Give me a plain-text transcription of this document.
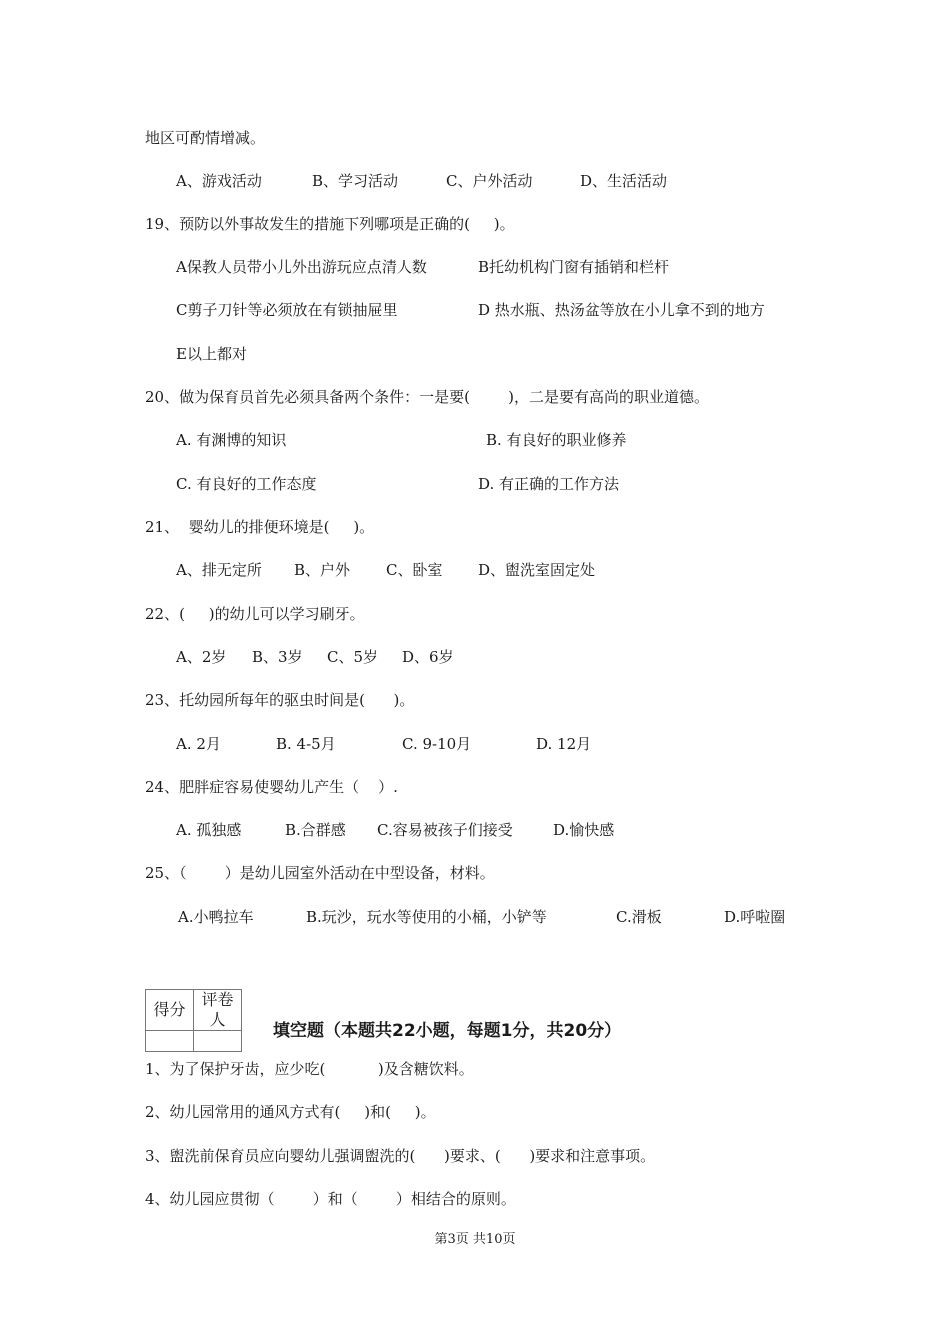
地区可酌情增减。
A、游戏活动	B、学习活动	C、户外活动	D、生活活动
19、预防以外事故发生的措施下列哪项是正确的(     )。
A保教人员带小儿外出游玩应点清人数	B托幼机构门窗有插销和栏杆
C剪子刀针等必须放在有锁抽屉里	D 热水瓶、热汤盆等放在小儿拿不到的地方
E以上都对
20、做为保育员首先必须具备两个条件：一是要(        )，二是要有高尚的职业道德。
A. 有渊博的知识	B. 有良好的职业修养
C. 有良好的工作态度	D. 有正确的工作方法
21、  婴幼儿的排便环境是(     )。
A、排无定所 B、户外 C、卧室 D、盥洗室固定处
22、(     )的幼儿可以学习刷牙。
A、2岁 B、3岁 C、5岁 D、6岁
23、托幼园所每年的驱虫时间是(      )。
A. 2月	B. 4-5月	C. 9-10月	D. 12月
24、肥胖症容易使婴幼儿产生（    ）.
A. 孤独感	B.合群感 C.容易被孩子们接受	D.愉快感
25、（        ）是幼儿园室外活动在中型设备，材料。
A.小鸭拉车	B.玩沙，玩水等使用的小桶，小铲等	C.滑板	D.呼啦圈
得分	评卷人

填空题（本题共22小题，每题1分，共20分）
1、为了保护牙齿，应少吃(           )及含糖饮料。
2、幼儿园常用的通风方式有(     )和(     )。
3、盥洗前保育员应向婴幼儿强调盥洗的(      )要求、(      )要求和注意事项。
4、幼儿园应贯彻（        ）和（        ）相结合的原则。
第3页 共10页
